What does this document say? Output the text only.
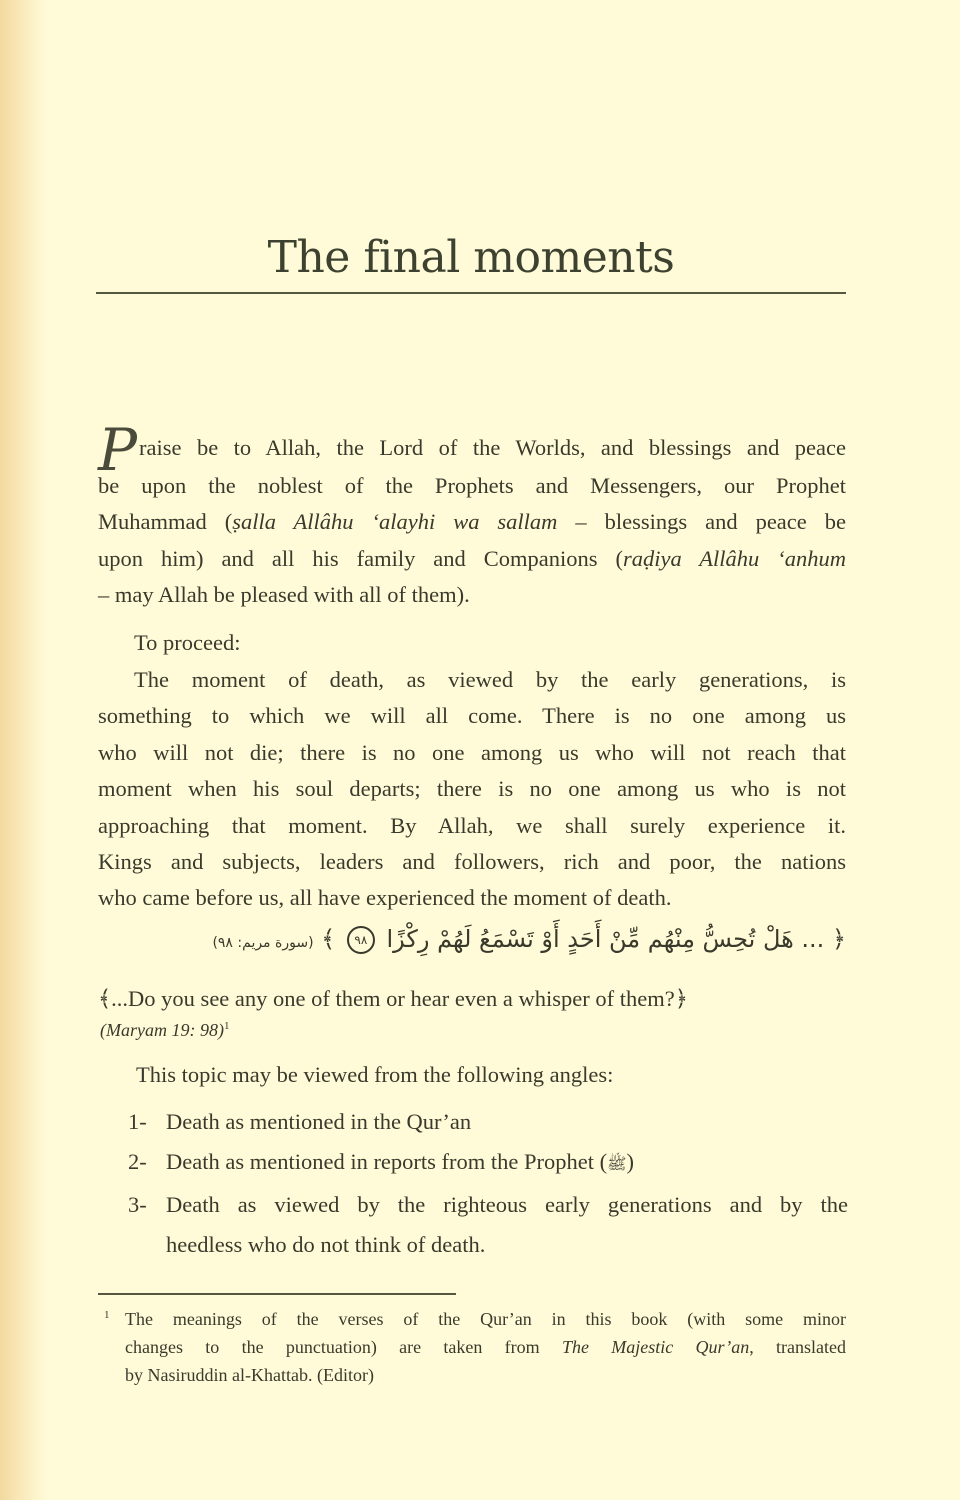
The final moments
P raise be to Allah, the Lord of the Worlds, and blessings and peace
be upon the noblest of the Prophets and Messengers, our Prophet
Muhammad (ṣalla Allâhu ‘alayhi wa sallam – blessings and peace be
upon him) and all his family and Companions (raḍiya Allâhu ‘anhum
– may Allah be pleased with all of them).
To proceed:
The moment of death, as viewed by the early generations, is
something to which we will all come. There is no one among us
who will not die; there is no one among us who will not reach that
moment when his soul departs; there is no one among us who is not
approaching that moment. By Allah, we shall surely experience it.
Kings and subjects, leaders and followers, rich and poor, the nations
who came before us, all have experienced the moment of death.
﴿ ... هَلْ تُحِسُّ مِنْهُم مِّنْ أَحَدٍ أَوْ تَسْمَعُ لَهُمْ رِكْزًا ٩٨ ﴾ (سورة مريم: ٩٨)
﴾...Do you see any one of them or hear even a whisper of them?﴿
(Maryam 19: 98)$^1$
This topic may be viewed from the following angles:
1- Death as mentioned in the Qur’an
2- Death as mentioned in reports from the Prophet (ﷺ)
3- Death as viewed by the righteous early generations and by the
heedless who do not think of death.
1 The meanings of the verses of the Qur’an in this book (with some minor
changes to the punctuation) are taken from The Majestic Qur’an, translated
by Nasiruddin al-Khattab. (Editor)
